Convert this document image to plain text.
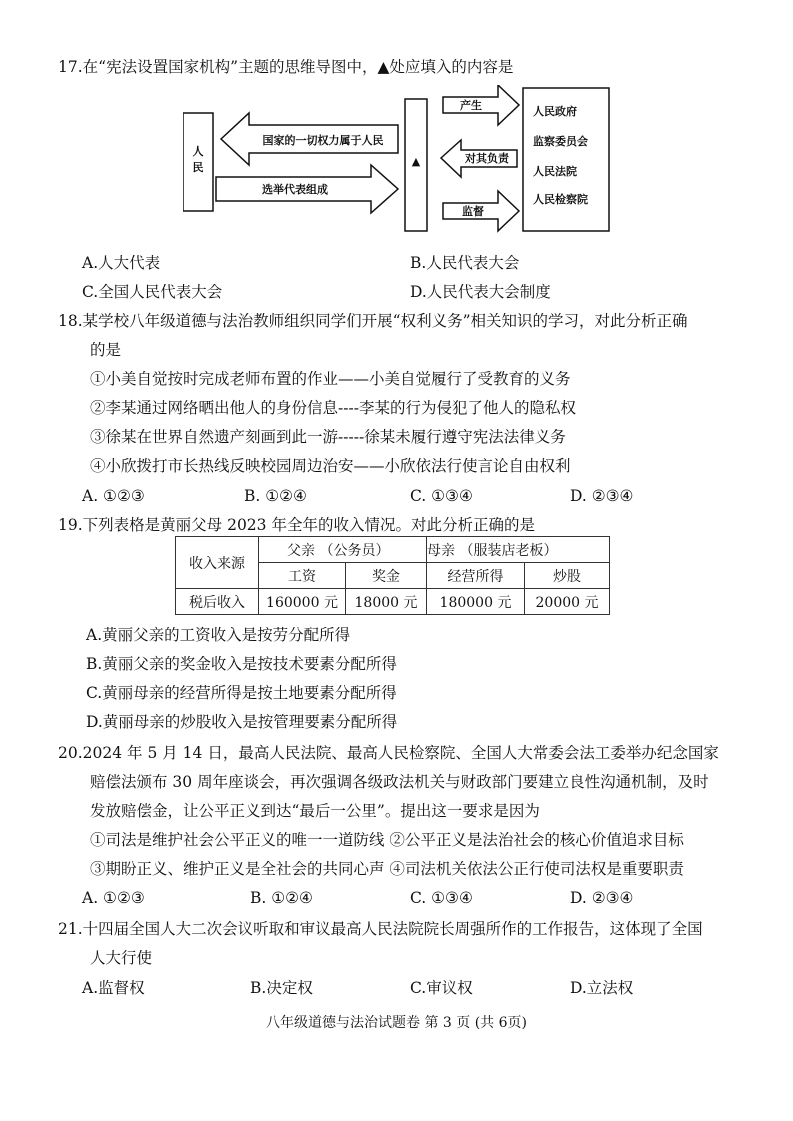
17.在“宪法设置国家机构”主题的思维导图中，▲处应填入的内容是
人
民
国家的一切权力属于人民
选举代表组成
▲
产生
对其负责
监督
人民政府
监察委员会
人民法院
人民检察院
A.人大代表	B.人民代表大会
C.全国人民代表大会	D.人民代表大会制度
18.某学校八年级道德与法治教师组织同学们开展“权利义务”相关知识的学习，对此分析正确
的是
①小美自觉按时完成老师布置的作业——小美自觉履行了受教育的义务
②李某通过网络晒出他人的身份信息----李某的行为侵犯了他人的隐私权
③徐某在世界自然遗产刻画到此一游-----徐某未履行遵守宪法法律义务
④小欣拨打市长热线反映校园周边治安——小欣依法行使言论自由权利
A. ①②③	B. ①②④	C. ①③④	D. ②③④
19.下列表格是黄丽父母 2023 年全年的收入情况。对此分析正确的是
收入来源	父亲 （公务员）		母亲 （服装店老板）	
	工资	奖金	经营所得	炒股
税后收入	160000 元	18000 元	180000 元	20000 元
A.黄丽父亲的工资收入是按劳分配所得
B.黄丽父亲的奖金收入是按技术要素分配所得
C.黄丽母亲的经营所得是按土地要素分配所得
D.黄丽母亲的炒股收入是按管理要素分配所得
20.2024 年 5 月 14 日，最高人民法院、最高人民检察院、全国人大常委会法工委举办纪念国家
赔偿法颁布 30 周年座谈会，再次强调各级政法机关与财政部门要建立良性沟通机制，及时
发放赔偿金，让公平正义到达“最后一公里”。提出这一要求是因为
①司法是维护社会公平正义的唯一一道防线 ②公平正义是法治社会的核心价值追求目标
③期盼正义、维护正义是全社会的共同心声 ④司法机关依法公正行使司法权是重要职责
A. ①②③	B. ①②④	C. ①③④	D. ②③④
21.十四届全国人大二次会议听取和审议最高人民法院院长周强所作的工作报告，这体现了全国
人大行使
A.监督权	B.决定权	C.审议权	D.立法权
八年级道德与法治试题卷 第 3 页 (共 6页)
